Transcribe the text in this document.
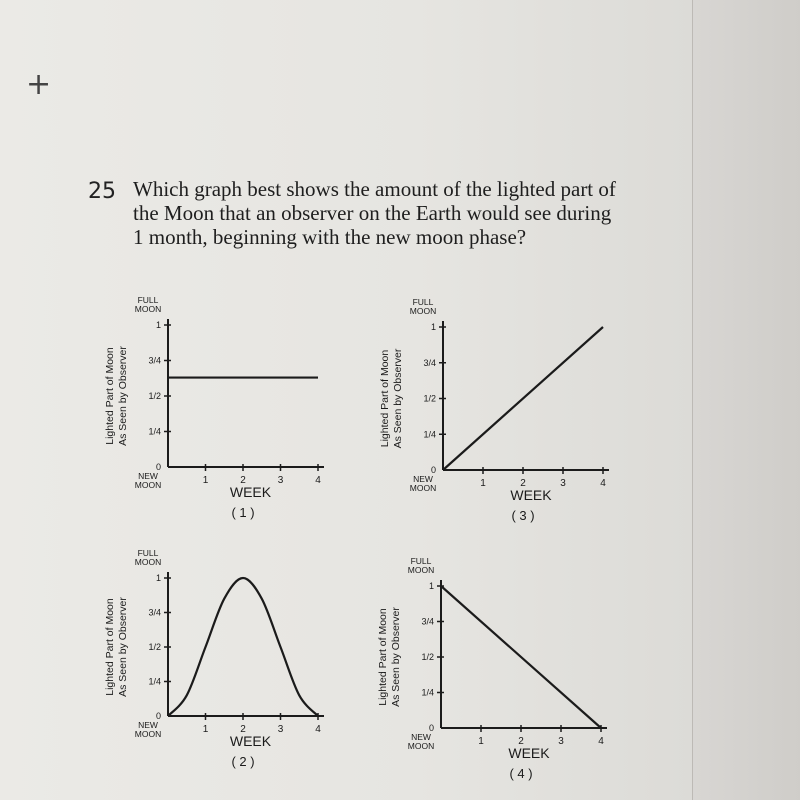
+
25 Which graph best shows the amount of the lighted part of the Moon that an observer on the Earth would see during 1 month, beginning with the new moon phase?
0
1/4
1/2
3/4
1
FULL
MOON
1	2	3	4
NEW
MOON	WEEK
Lighted Part of Moon As Seen by Observer
( 1 )
0
1/4
1/2
3/4
1
FULL
MOON
1	2	3	4
NEW
MOON	WEEK
Lighted Part of Moon As Seen by Observer
( 2 )
0
1/4
1/2
3/4
1
FULL
MOON
1	2	3	4
NEW
MOON	WEEK
Lighted Part of Moon As Seen by Observer
( 3 )
0
1/4
1/2
3/4
1
FULL
MOON
1	2	3	4
NEW
MOON	WEEK
Lighted Part of Moon As Seen by Observer
( 4 )
